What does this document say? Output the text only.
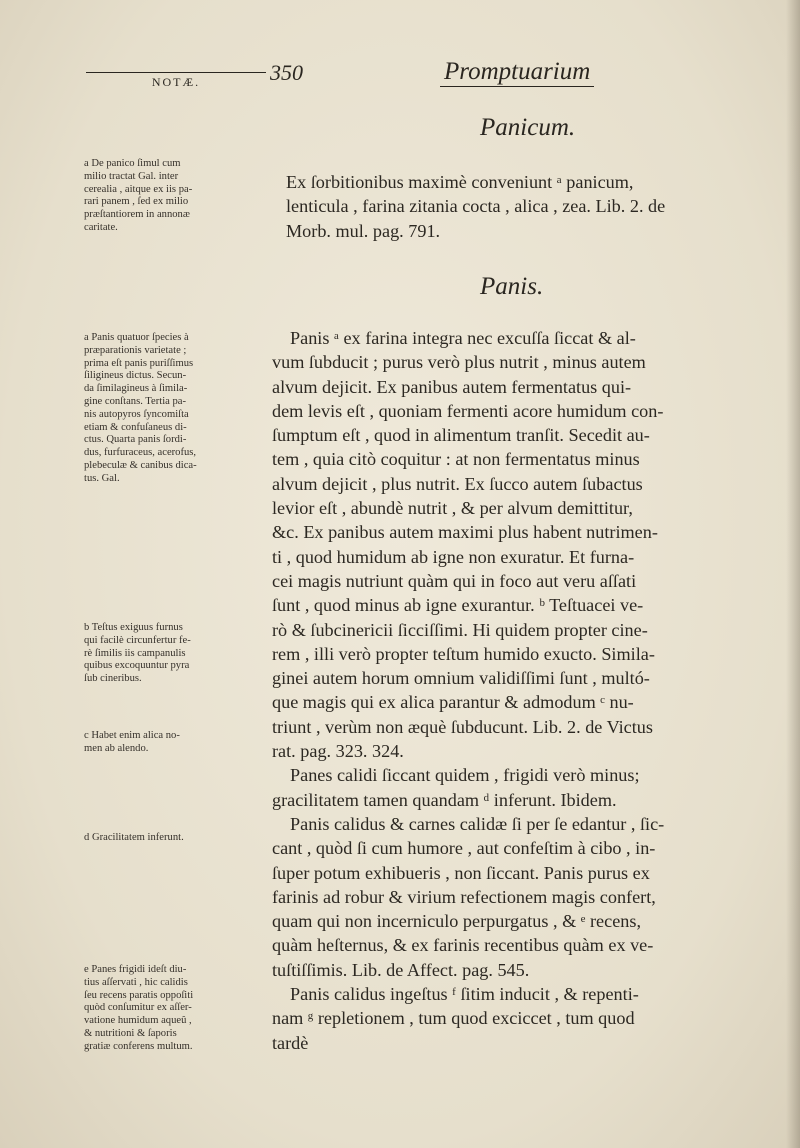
NOTÆ.	350	Promptuarium
Panicum.
Ex ſorbitionibus maximè conveniunt ᵃ panicum,
lenticula , farina zitania cocta , alica , zea. Lib. 2. de
Morb. mul. pag. 791.
Panis.
Panis ᵃ ex farina integra nec excuſſa ſiccat & al-
vum ſubducit ; purus verò plus nutrit , minus autem
alvum dejicit. Ex panibus autem fermentatus qui-
dem levis eſt , quoniam fermenti acore humidum con-
ſumptum eſt , quod in alimentum tranſit. Secedit au-
tem , quia citò coquitur : at non fermentatus minus
alvum dejicit , plus nutrit. Ex ſucco autem ſubactus
levior eſt , abundè nutrit , & per alvum demittitur,
&c. Ex panibus autem maximi plus habent nutrimen-
ti , quod humidum ab igne non exuratur. Et furna-
cei magis nutriunt quàm qui in foco aut veru aſſati
ſunt , quod minus ab igne exurantur. ᵇ Teſtuacei ve-
rò & ſubcinericii ſicciſſimi. Hi quidem propter cine-
rem , illi verò propter teſtum humido exucto. Simila-
ginei autem horum omnium validiſſimi ſunt , multó-
que magis qui ex alica parantur & admodum ᶜ nu-
triunt , verùm non æquè ſubducunt. Lib. 2. de Victus
rat. pag. 323. 324.
Panes calidi ſiccant quidem , frigidi verò minus;
gracilitatem tamen quandam ᵈ inferunt. Ibidem.
Panis calidus & carnes calidæ ſi per ſe edantur , ſic-
cant , quòd ſi cum humore , aut confeſtim à cibo , in-
ſuper potum exhibueris , non ſiccant. Panis purus ex
farinis ad robur & virium refectionem magis confert,
quam qui non incerniculo perpurgatus , & ᵉ recens,
quàm heſternus, & ex farinis recentibus quàm ex ve-
tuſtiſſimis. Lib. de Affect. pag. 545.
Panis calidus ingeſtus ᶠ ſitim inducit , & repenti-
nam ᵍ repletionem , tum quod exciccet , tum quod
tardè
a De panico ſimul cum
milio tractat Gal. inter
cerealia , aitque ex iis pa-
rari panem , ſed ex milio
præſtantiorem in annonæ
caritate.
a Panis quatuor ſpecies à
præparationis varietate ;
prima eſt panis puriſſimus
ſiligineus dictus. Secun-
da ſimilagineus à ſimila-
gine conſtans. Tertia pa-
nis autopyros ſyncomiſta
etiam & confuſaneus di-
ctus. Quarta panis ſordi-
dus, furfuraceus, acerofus,
plebeculæ & canibus dica-
tus. Gal.
b Teſtus exiguus furnus
qui facilè circunfertur fe-
rè ſimilis iis campanulis
quibus excoquuntur pyra
ſub cineribus.
c Habet enim alica no-
men ab alendo.
d Gracilitatem inferunt.
e Panes frigidi ideſt diu-
tius aſſervati , hic calidis
ſeu recens paratis oppoſiti
quòd conſumitur ex aſſer-
vatione humidum aqueû ,
& nutritioni & ſaporis
gratiæ conferens multum.
